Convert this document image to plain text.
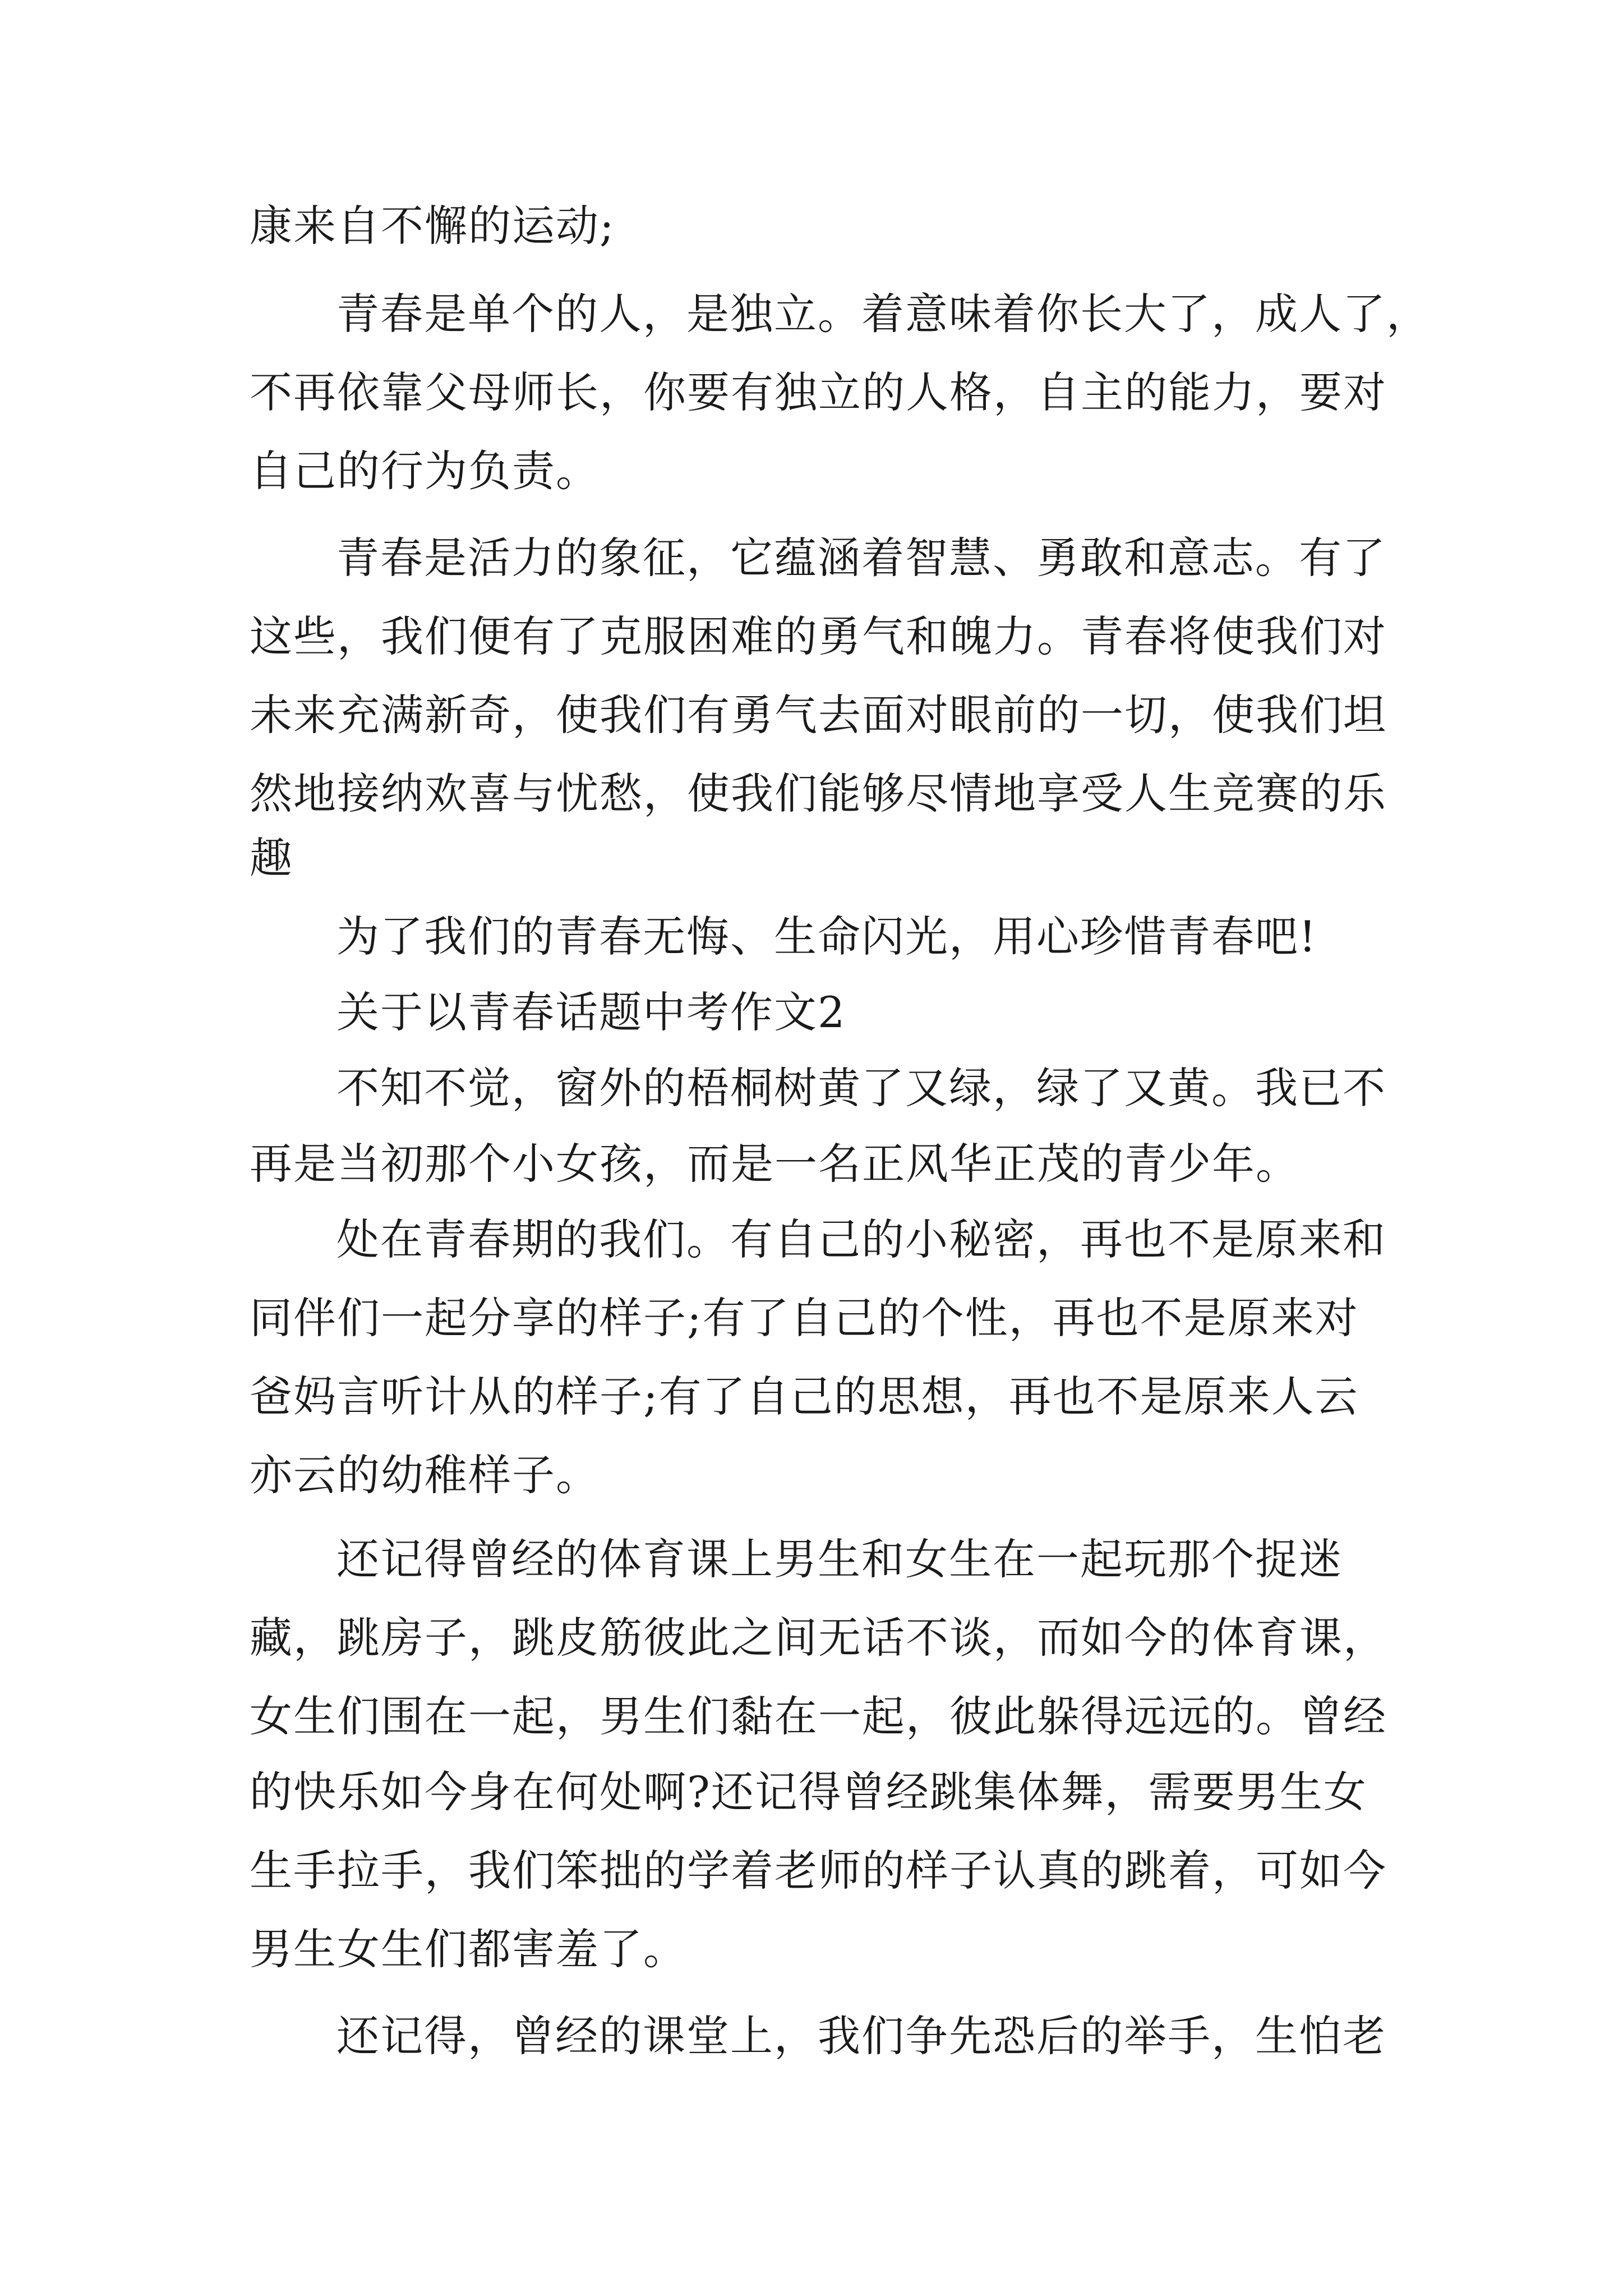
康来自不懈的运动;
青春是单个的人，是独立。着意味着你长大了，成人了，
不再依靠父母师长，你要有独立的人格，自主的能力，要对
自己的行为负责。
青春是活力的象征，它蕴涵着智慧、勇敢和意志。有了
这些，我们便有了克服困难的勇气和魄力。青春将使我们对
未来充满新奇，使我们有勇气去面对眼前的一切，使我们坦
然地接纳欢喜与忧愁，使我们能够尽情地享受人生竞赛的乐
趣
为了我们的青春无悔、生命闪光，用心珍惜青春吧!
关于以青春话题中考作文2
不知不觉，窗外的梧桐树黄了又绿，绿了又黄。我已不
再是当初那个小女孩，而是一名正风华正茂的青少年。
处在青春期的我们。有自己的小秘密，再也不是原来和
同伴们一起分享的样子;有了自己的个性，再也不是原来对
爸妈言听计从的样子;有了自己的思想，再也不是原来人云
亦云的幼稚样子。
还记得曾经的体育课上男生和女生在一起玩那个捉迷
藏，跳房子，跳皮筋彼此之间无话不谈，而如今的体育课，
女生们围在一起，男生们黏在一起，彼此躲得远远的。曾经
的快乐如今身在何处啊?还记得曾经跳集体舞，需要男生女
生手拉手，我们笨拙的学着老师的样子认真的跳着，可如今
男生女生们都害羞了。
还记得，曾经的课堂上，我们争先恐后的举手，生怕老
